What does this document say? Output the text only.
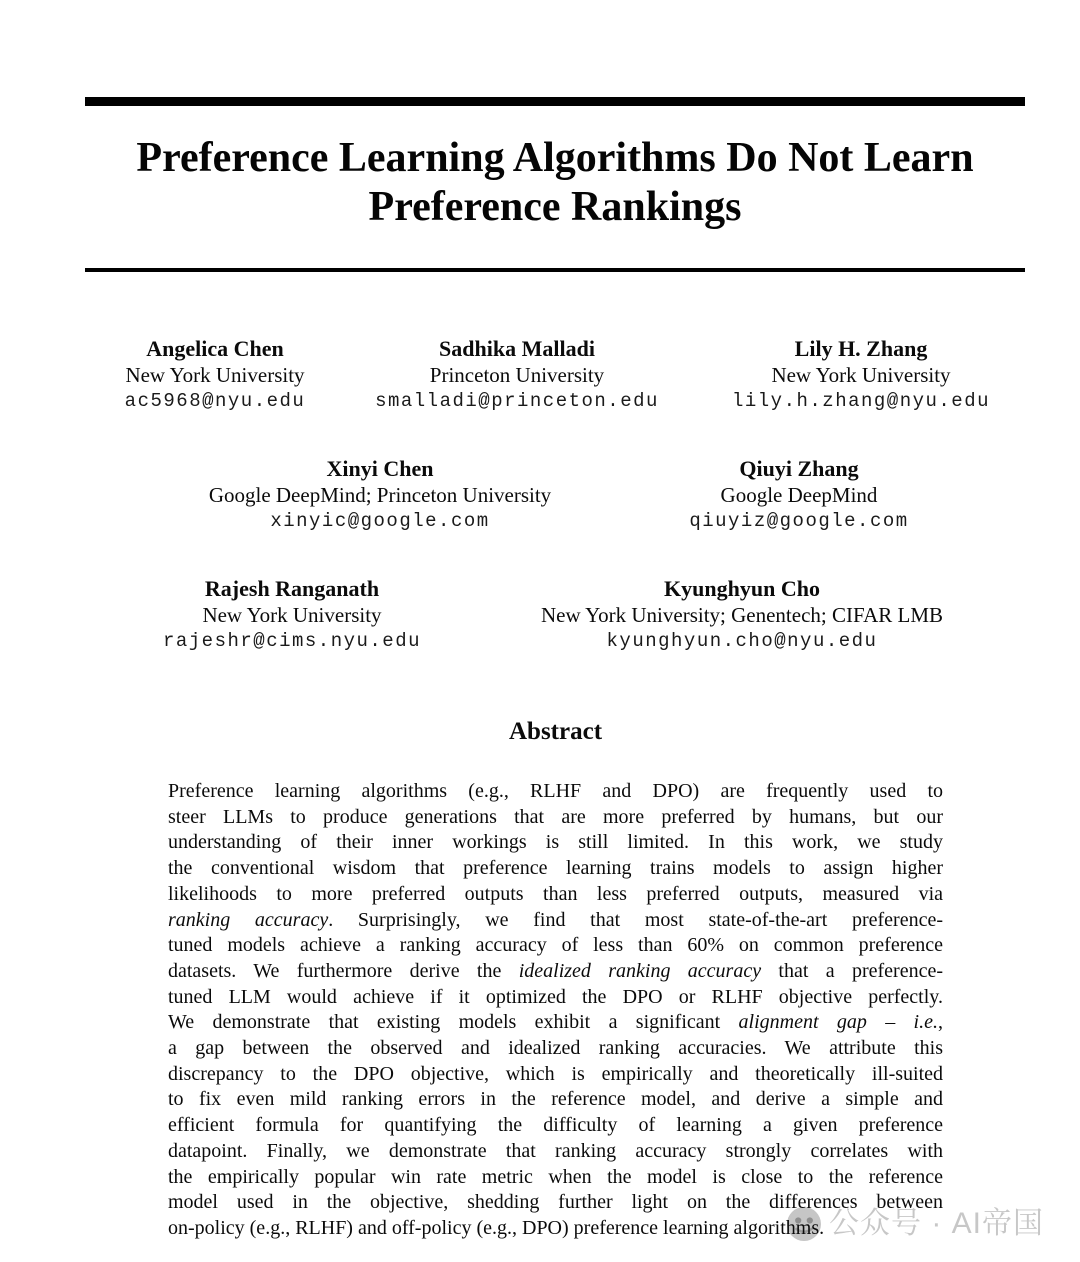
Preference Learning Algorithms Do Not Learn
Preference Rankings
Angelica Chen
New York University
ac5968@nyu.edu
Sadhika Malladi
Princeton University
smalladi@princeton.edu
Lily H. Zhang
New York University
lily.h.zhang@nyu.edu
Xinyi Chen
Google DeepMind; Princeton University
xinyic@google.com
Qiuyi Zhang
Google DeepMind
qiuyiz@google.com
Rajesh Ranganath
New York University
rajeshr@cims.nyu.edu
Kyunghyun Cho
New York University; Genentech; CIFAR LMB
kyunghyun.cho@nyu.edu
Abstract
Preference learning algorithms (e.g., RLHF and DPO) are frequently used to
steer LLMs to produce generations that are more preferred by humans, but our
understanding of their inner workings is still limited. In this work, we study
the conventional wisdom that preference learning trains models to assign higher
likelihoods to more preferred outputs than less preferred outputs, measured via
ranking accuracy. Surprisingly, we find that most state-of-the-art preference-
tuned models achieve a ranking accuracy of less than 60% on common preference
datasets. We furthermore derive the idealized ranking accuracy that a preference-
tuned LLM would achieve if it optimized the DPO or RLHF objective perfectly.
We demonstrate that existing models exhibit a significant alignment gap – i.e.,
a gap between the observed and idealized ranking accuracies. We attribute this
discrepancy to the DPO objective, which is empirically and theoretically ill-suited
to fix even mild ranking errors in the reference model, and derive a simple and
efficient formula for quantifying the difficulty of learning a given preference
datapoint. Finally, we demonstrate that ranking accuracy strongly correlates with
the empirically popular win rate metric when the model is close to the reference
model used in the objective, shedding further light on the differences between
on-policy (e.g., RLHF) and off-policy (e.g., DPO) preference learning algorithms. 公众号 · AI帝国
